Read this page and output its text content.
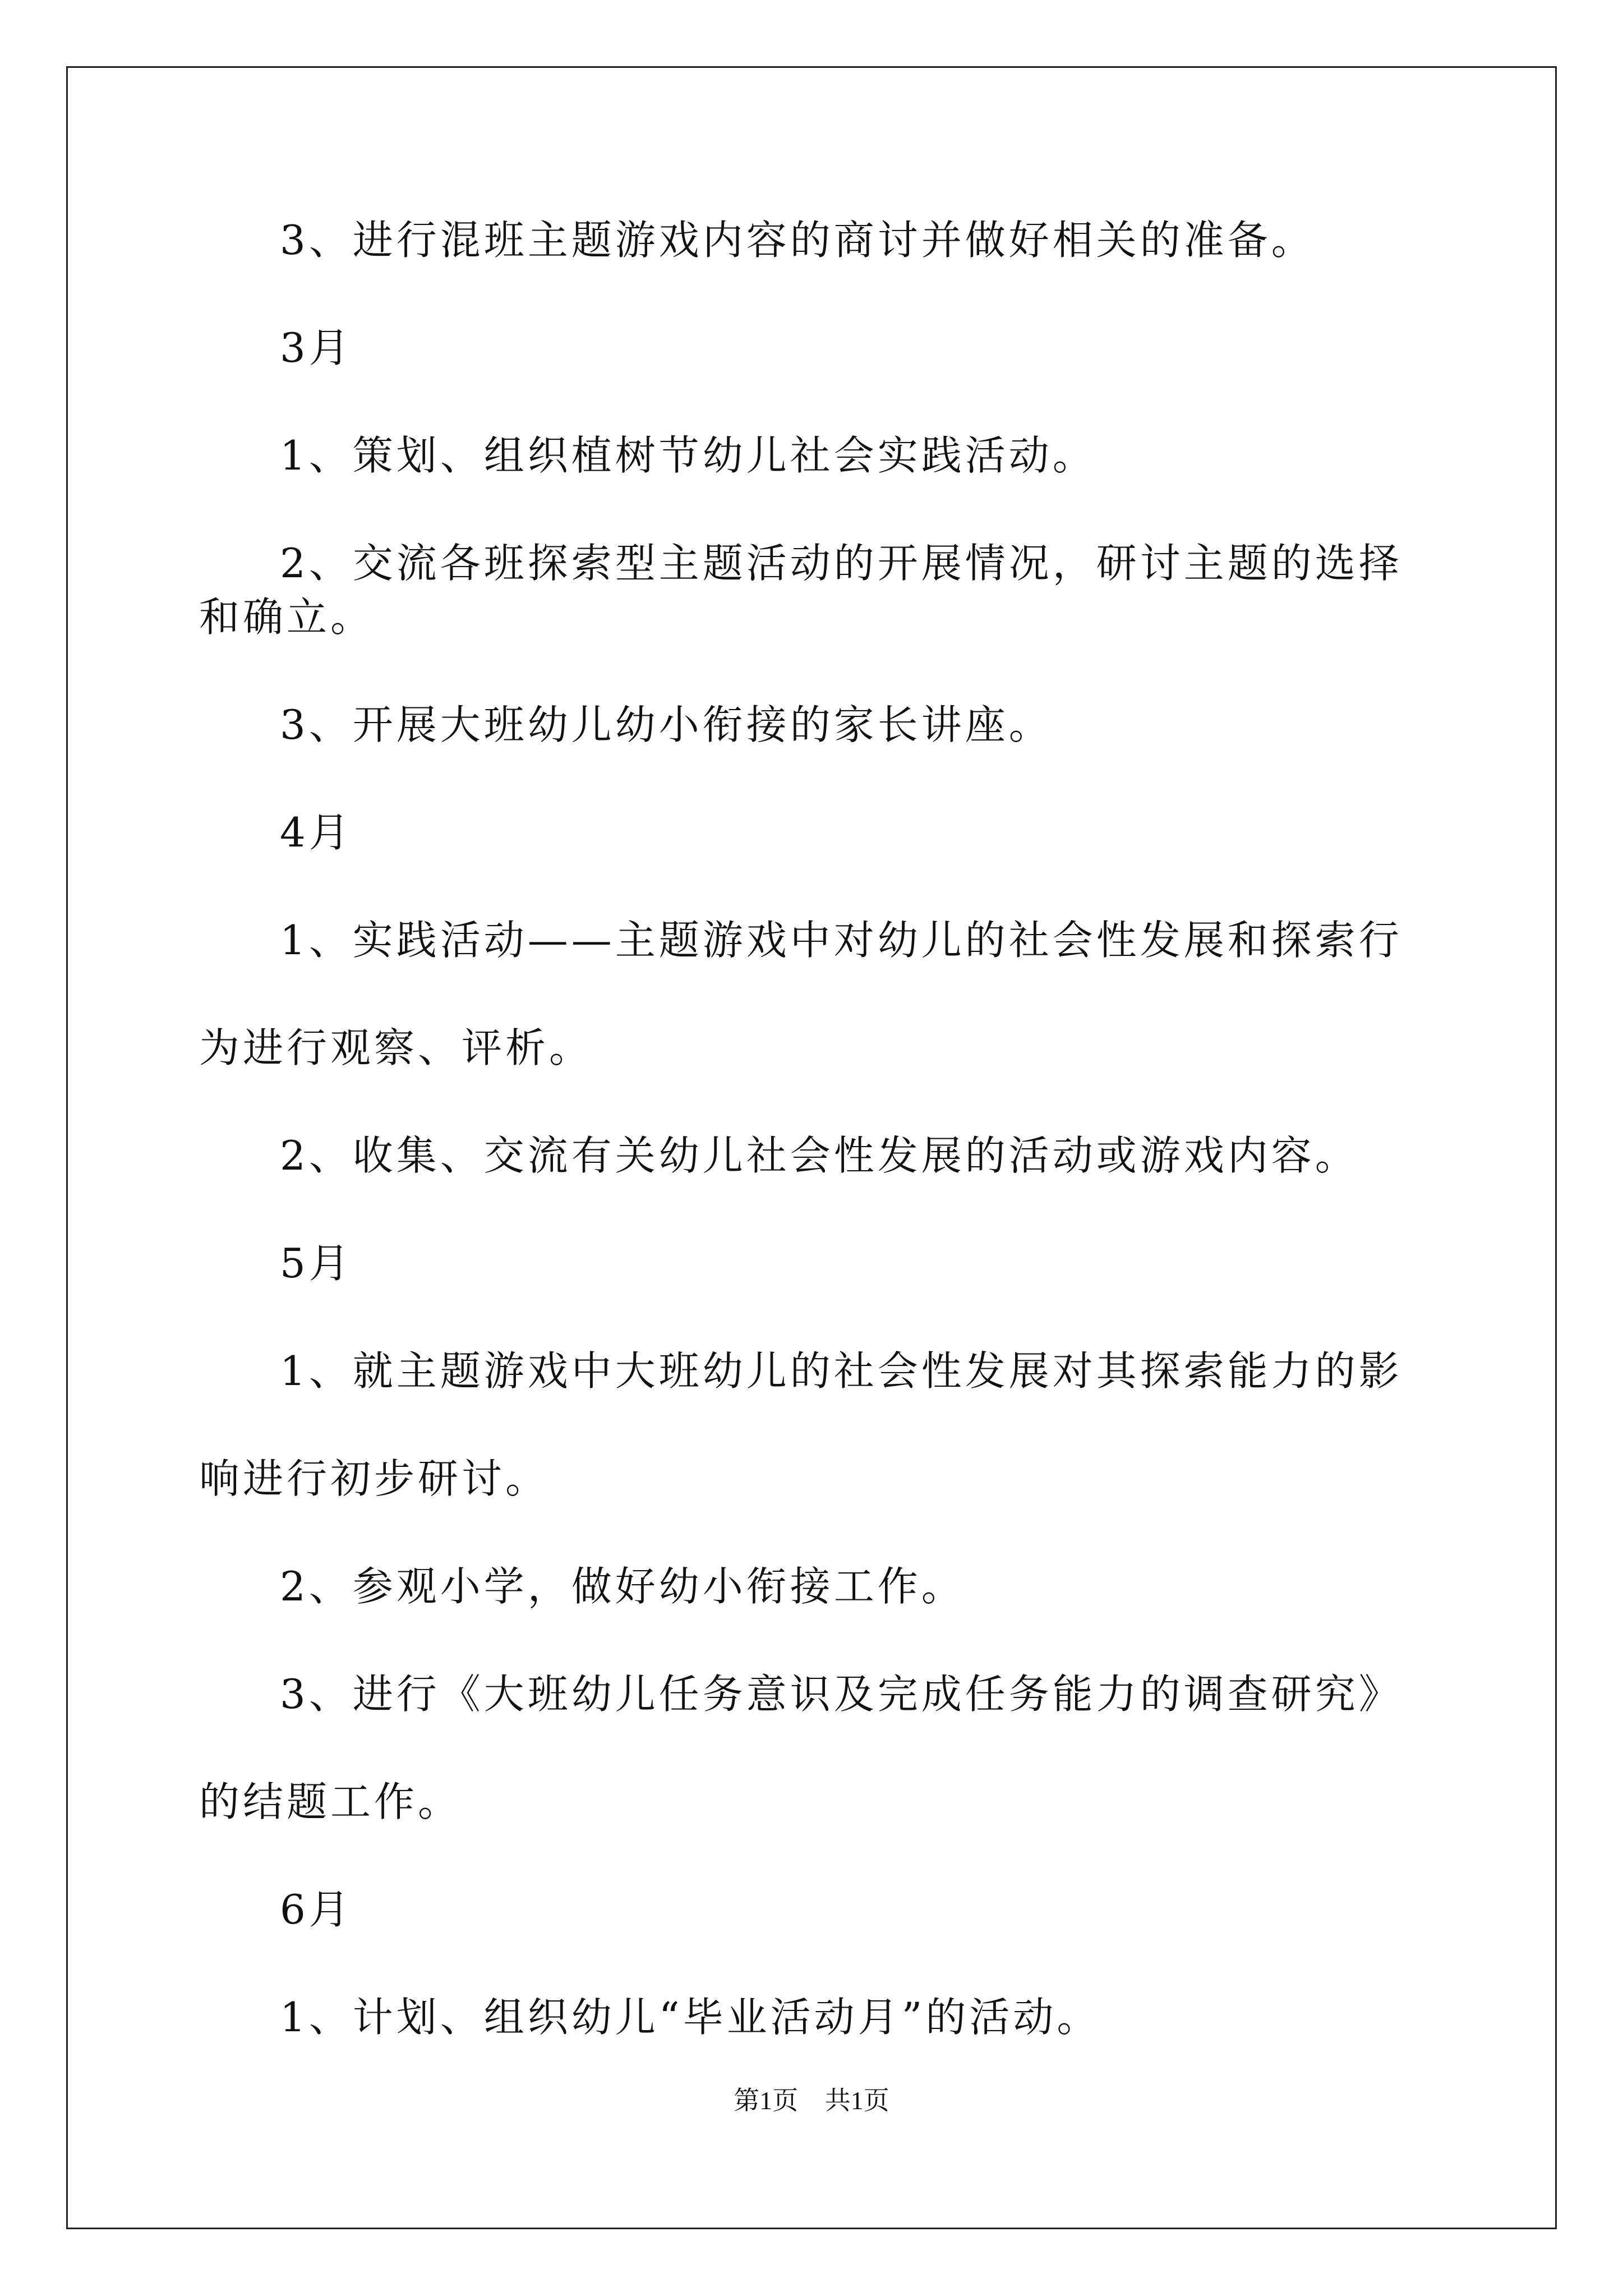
3、进行混班主题游戏内容的商讨并做好相关的准备。

3月

1、策划、组织植树节幼儿社会实践活动。

2、交流各班探索型主题活动的开展情况，研讨主题的选择和确立。

3、开展大班幼儿幼小衔接的家长讲座。

4月

1、实践活动——主题游戏中对幼儿的社会性发展和探索行为进行观察、评析。

2、收集、交流有关幼儿社会性发展的活动或游戏内容。

5月

1、就主题游戏中大班幼儿的社会性发展对其探索能力的影响进行初步研讨。

2、参观小学，做好幼小衔接工作。

3、进行《大班幼儿任务意识及完成任务能力的调查研究》的结题工作。

6月

1、计划、组织幼儿“毕业活动月”的活动。

第1页 共1页
